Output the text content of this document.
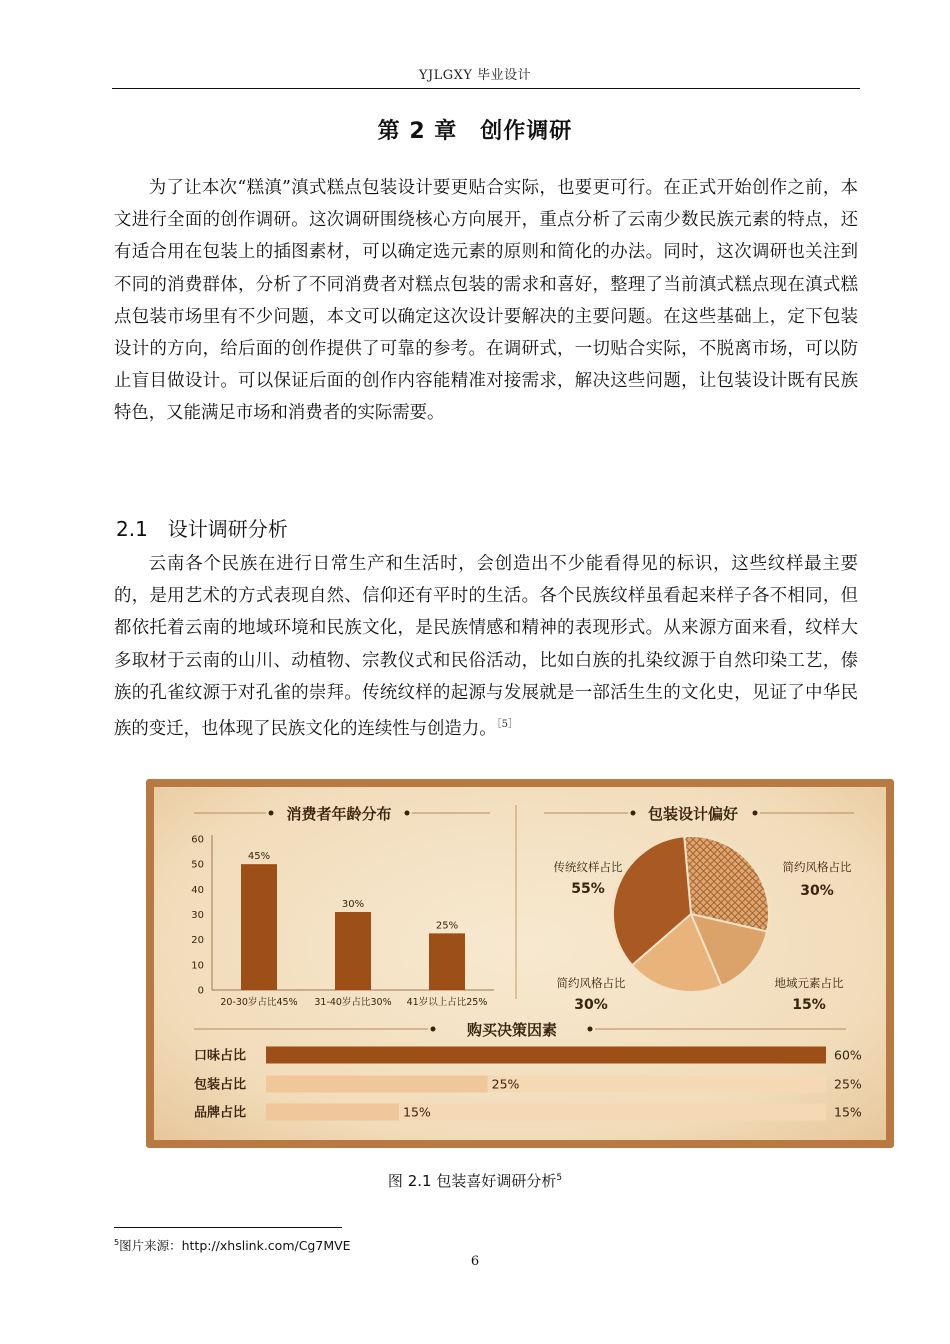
YJLGXY 毕业设计
第 2 章　创作调研
为了让本次“糕滇”滇式糕点包装设计要更贴合实际，也要更可行。在正式开始创作之前，本文进行全面的创作调研。这次调研围绕核心方向展开，重点分析了云南少数民族元素的特点，还有适合用在包装上的插图素材，可以确定选元素的原则和简化的办法。同时，这次调研也关注到不同的消费群体，分析了不同消费者对糕点包装的需求和喜好，整理了当前滇式糕点现在滇式糕点包装市场里有不少问题，本文可以确定这次设计要解决的主要问题。在这些基础上，定下包装设计的方向，给后面的创作提供了可靠的参考。在调研式，一切贴合实际，不脱离市场，可以防止盲目做设计。可以保证后面的创作内容能精准对接需求，解决这些问题，让包装设计既有民族特色，又能满足市场和消费者的实际需要。
2.1　设计调研分析
云南各个民族在进行日常生产和生活时，会创造出不少能看得见的标识，这些纹样最主要的，是用艺术的方式表现自然、信仰还有平时的生活。各个民族纹样虽看起来样子各不相同，但都依托着云南的地域环境和民族文化，是民族情感和精神的表现形式。从来源方面来看，纹样大多取材于云南的山川、动植物、宗教仪式和民俗活动，比如白族的扎染纹源于自然印染工艺，傣族的孔雀纹源于对孔雀的崇拜。传统纹样的起源与发展就是一部活生生的文化史，见证了中华民族的变迁，也体现了民族文化的连续性与创造力。$^{[5]}$
消费者年龄分布
60
50
40
30
20
10
0
45%
20-30岁占比45%
30%
31-40岁占比30%
25%
41岁以上占比25%
包装设计偏好
简约风格占比
30%
地域元素占比
15%
简约风格占比
30%
传统纹样占比
55%
购买决策因素
口味占比	60%
包装占比	25%	25%
品牌占比	15%	15%
图 2.1 包装喜好调研分析$^5$
$^5$图片来源：http://xhslink.com/Cg7MVE
6
